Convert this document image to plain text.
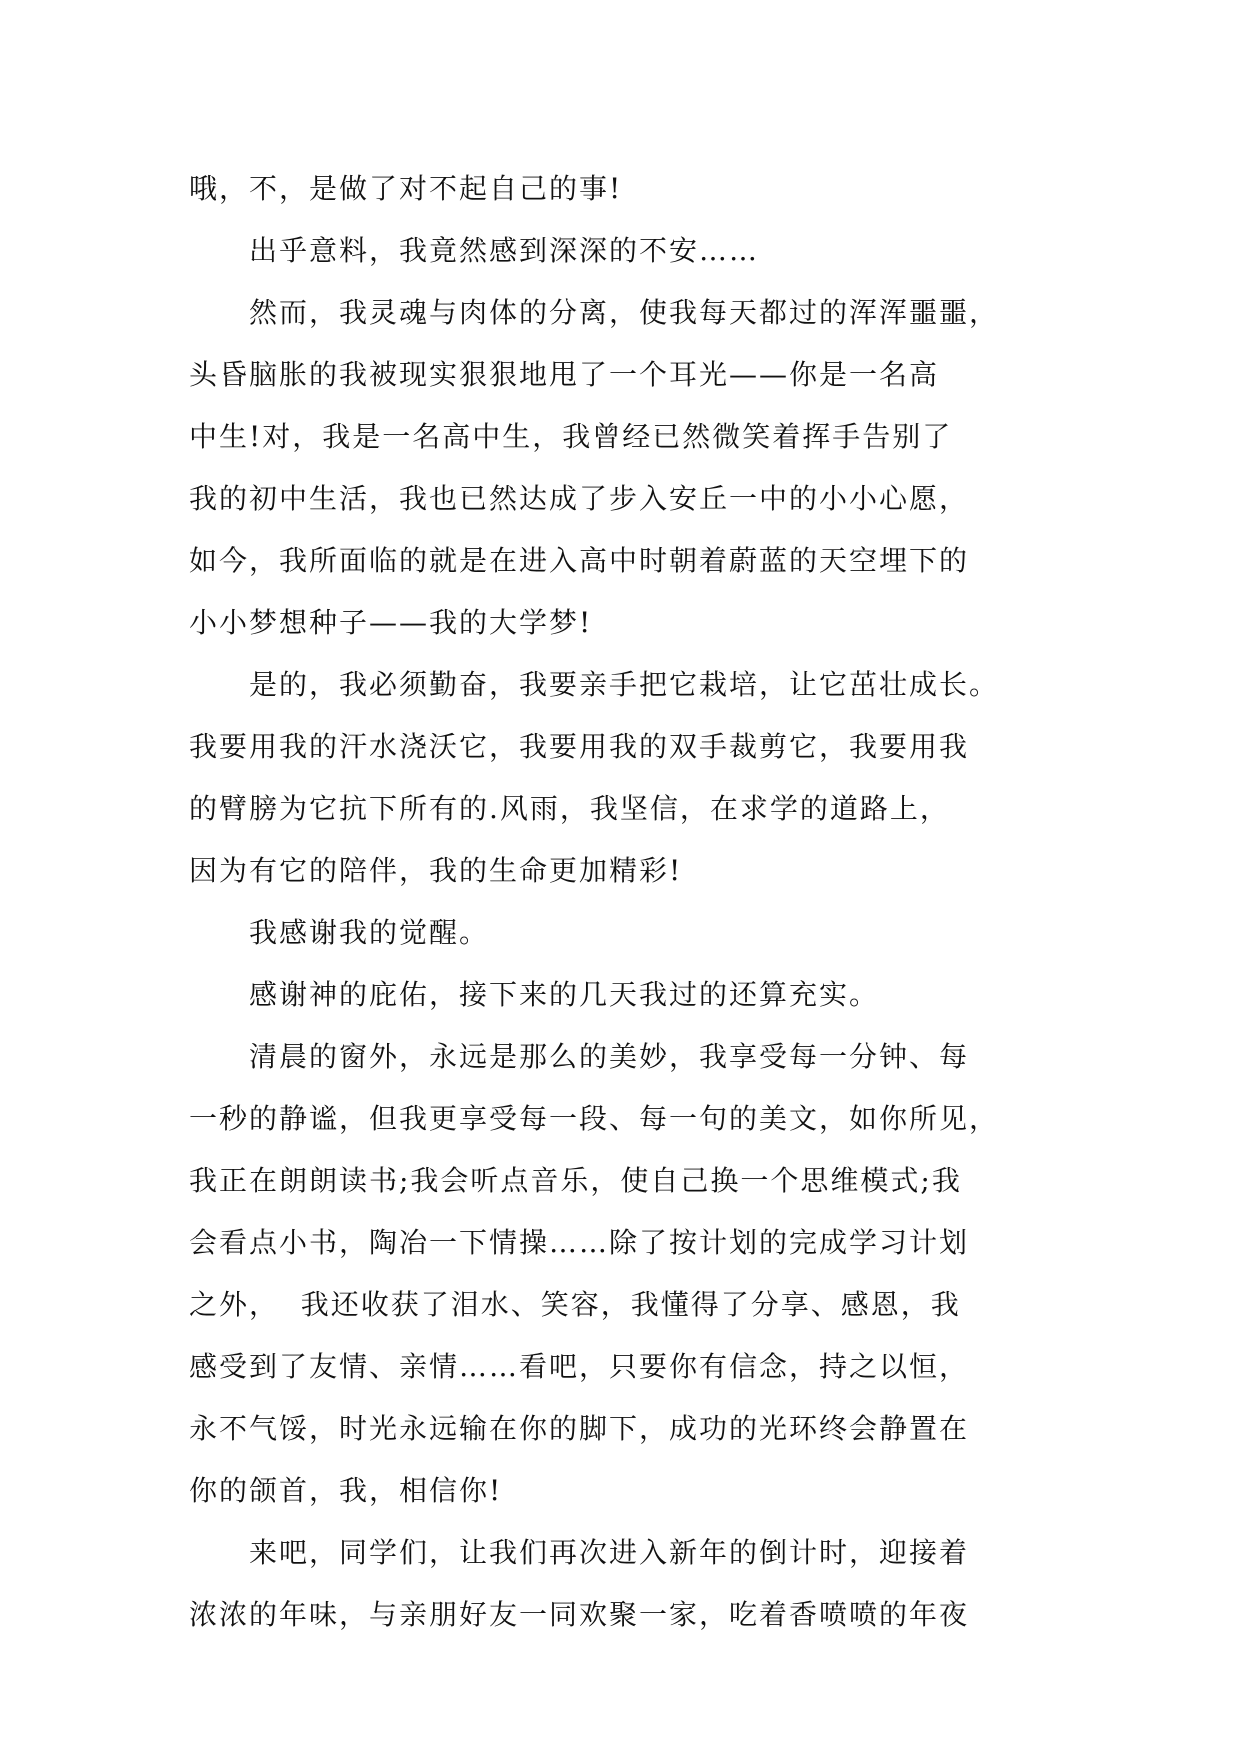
哦，不，是做了对不起自己的事!
出乎意料，我竟然感到深深的不安……
然而，我灵魂与肉体的分离，使我每天都过的浑浑噩噩，
头昏脑胀的我被现实狠狠地甩了一个耳光——你是一名高
中生!对，我是一名高中生，我曾经已然微笑着挥手告别了
我的初中生活，我也已然达成了步入安丘一中的小小心愿，
如今，我所面临的就是在进入高中时朝着蔚蓝的天空埋下的
小小梦想种子——我的大学梦!
是的，我必须勤奋，我要亲手把它栽培，让它茁壮成长。
我要用我的汗水浇沃它，我要用我的双手裁剪它，我要用我
的臂膀为它抗下所有的.风雨，我坚信，在求学的道路上，
因为有它的陪伴，我的生命更加精彩!
我感谢我的觉醒。
感谢神的庇佑，接下来的几天我过的还算充实。
清晨的窗外，永远是那么的美妙，我享受每一分钟、每
一秒的静谧，但我更享受每一段、每一句的美文，如你所见，
我正在朗朗读书;我会听点音乐，使自己换一个思维模式;我
会看点小书，陶冶一下情操……除了按计划的完成学习计划
之外，  我还收获了泪水、笑容，我懂得了分享、感恩，我
感受到了友情、亲情……看吧，只要你有信念，持之以恒，
永不气馁，时光永远输在你的脚下，成功的光环终会静置在
你的颌首，我，相信你!
来吧，同学们，让我们再次进入新年的倒计时，迎接着
浓浓的年味，与亲朋好友一同欢聚一家，吃着香喷喷的年夜
